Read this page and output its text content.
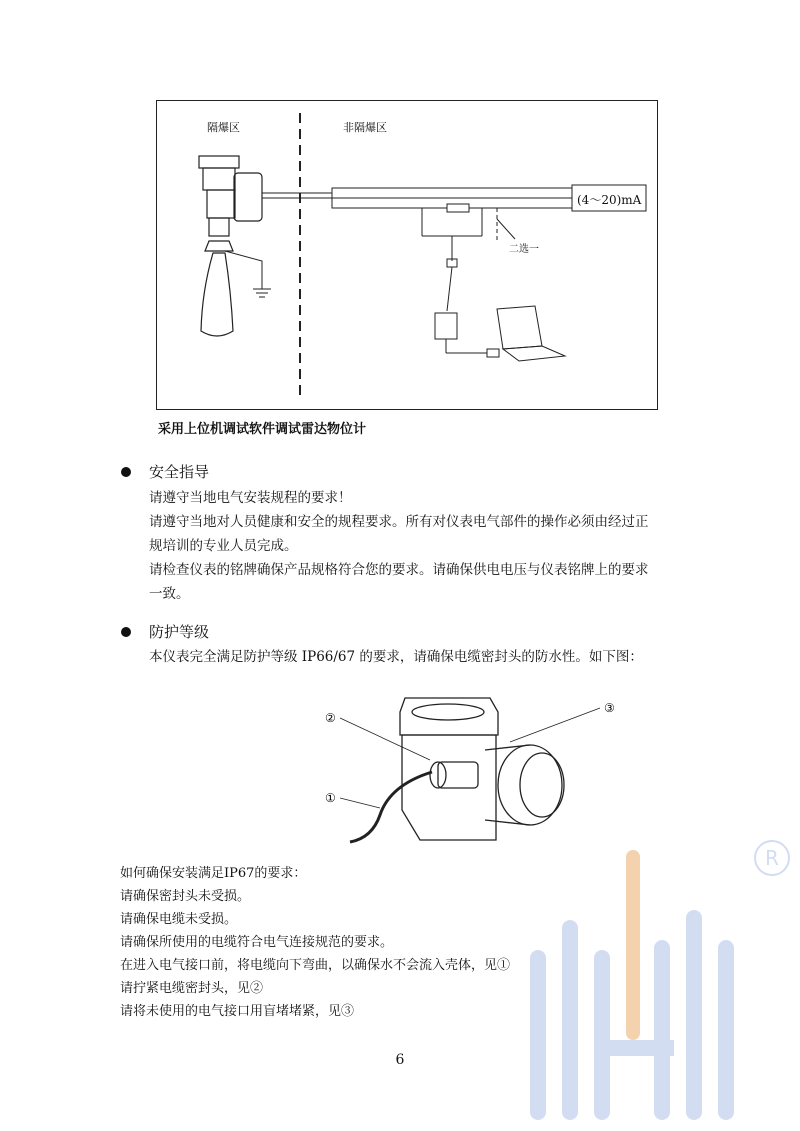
R
隔爆区	非隔爆区
(4～20)mA
二选一
采用上位机调试软件调试雷达物位计
安全指导
请遵守当地电气安装规程的要求！
请遵守当地对人员健康和安全的规程要求。所有对仪表电气部件的操作必须由经过正
规培训的专业人员完成。
请检查仪表的铭牌确保产品规格符合您的要求。请确保供电电压与仪表铭牌上的要求
一致。
防护等级
本仪表完全满足防护等级 IP66/67 的要求，请确保电缆密封头的防水性。如下图：
②
①
③
如何确保安装满足IP67的要求：
请确保密封头未受损。
请确保电缆未受损。
请确保所使用的电缆符合电气连接规范的要求。
在进入电气接口前，将电缆向下弯曲，以确保水不会流入壳体，见①
请拧紧电缆密封头，见②
请将未使用的电气接口用盲堵堵紧，见③
6
